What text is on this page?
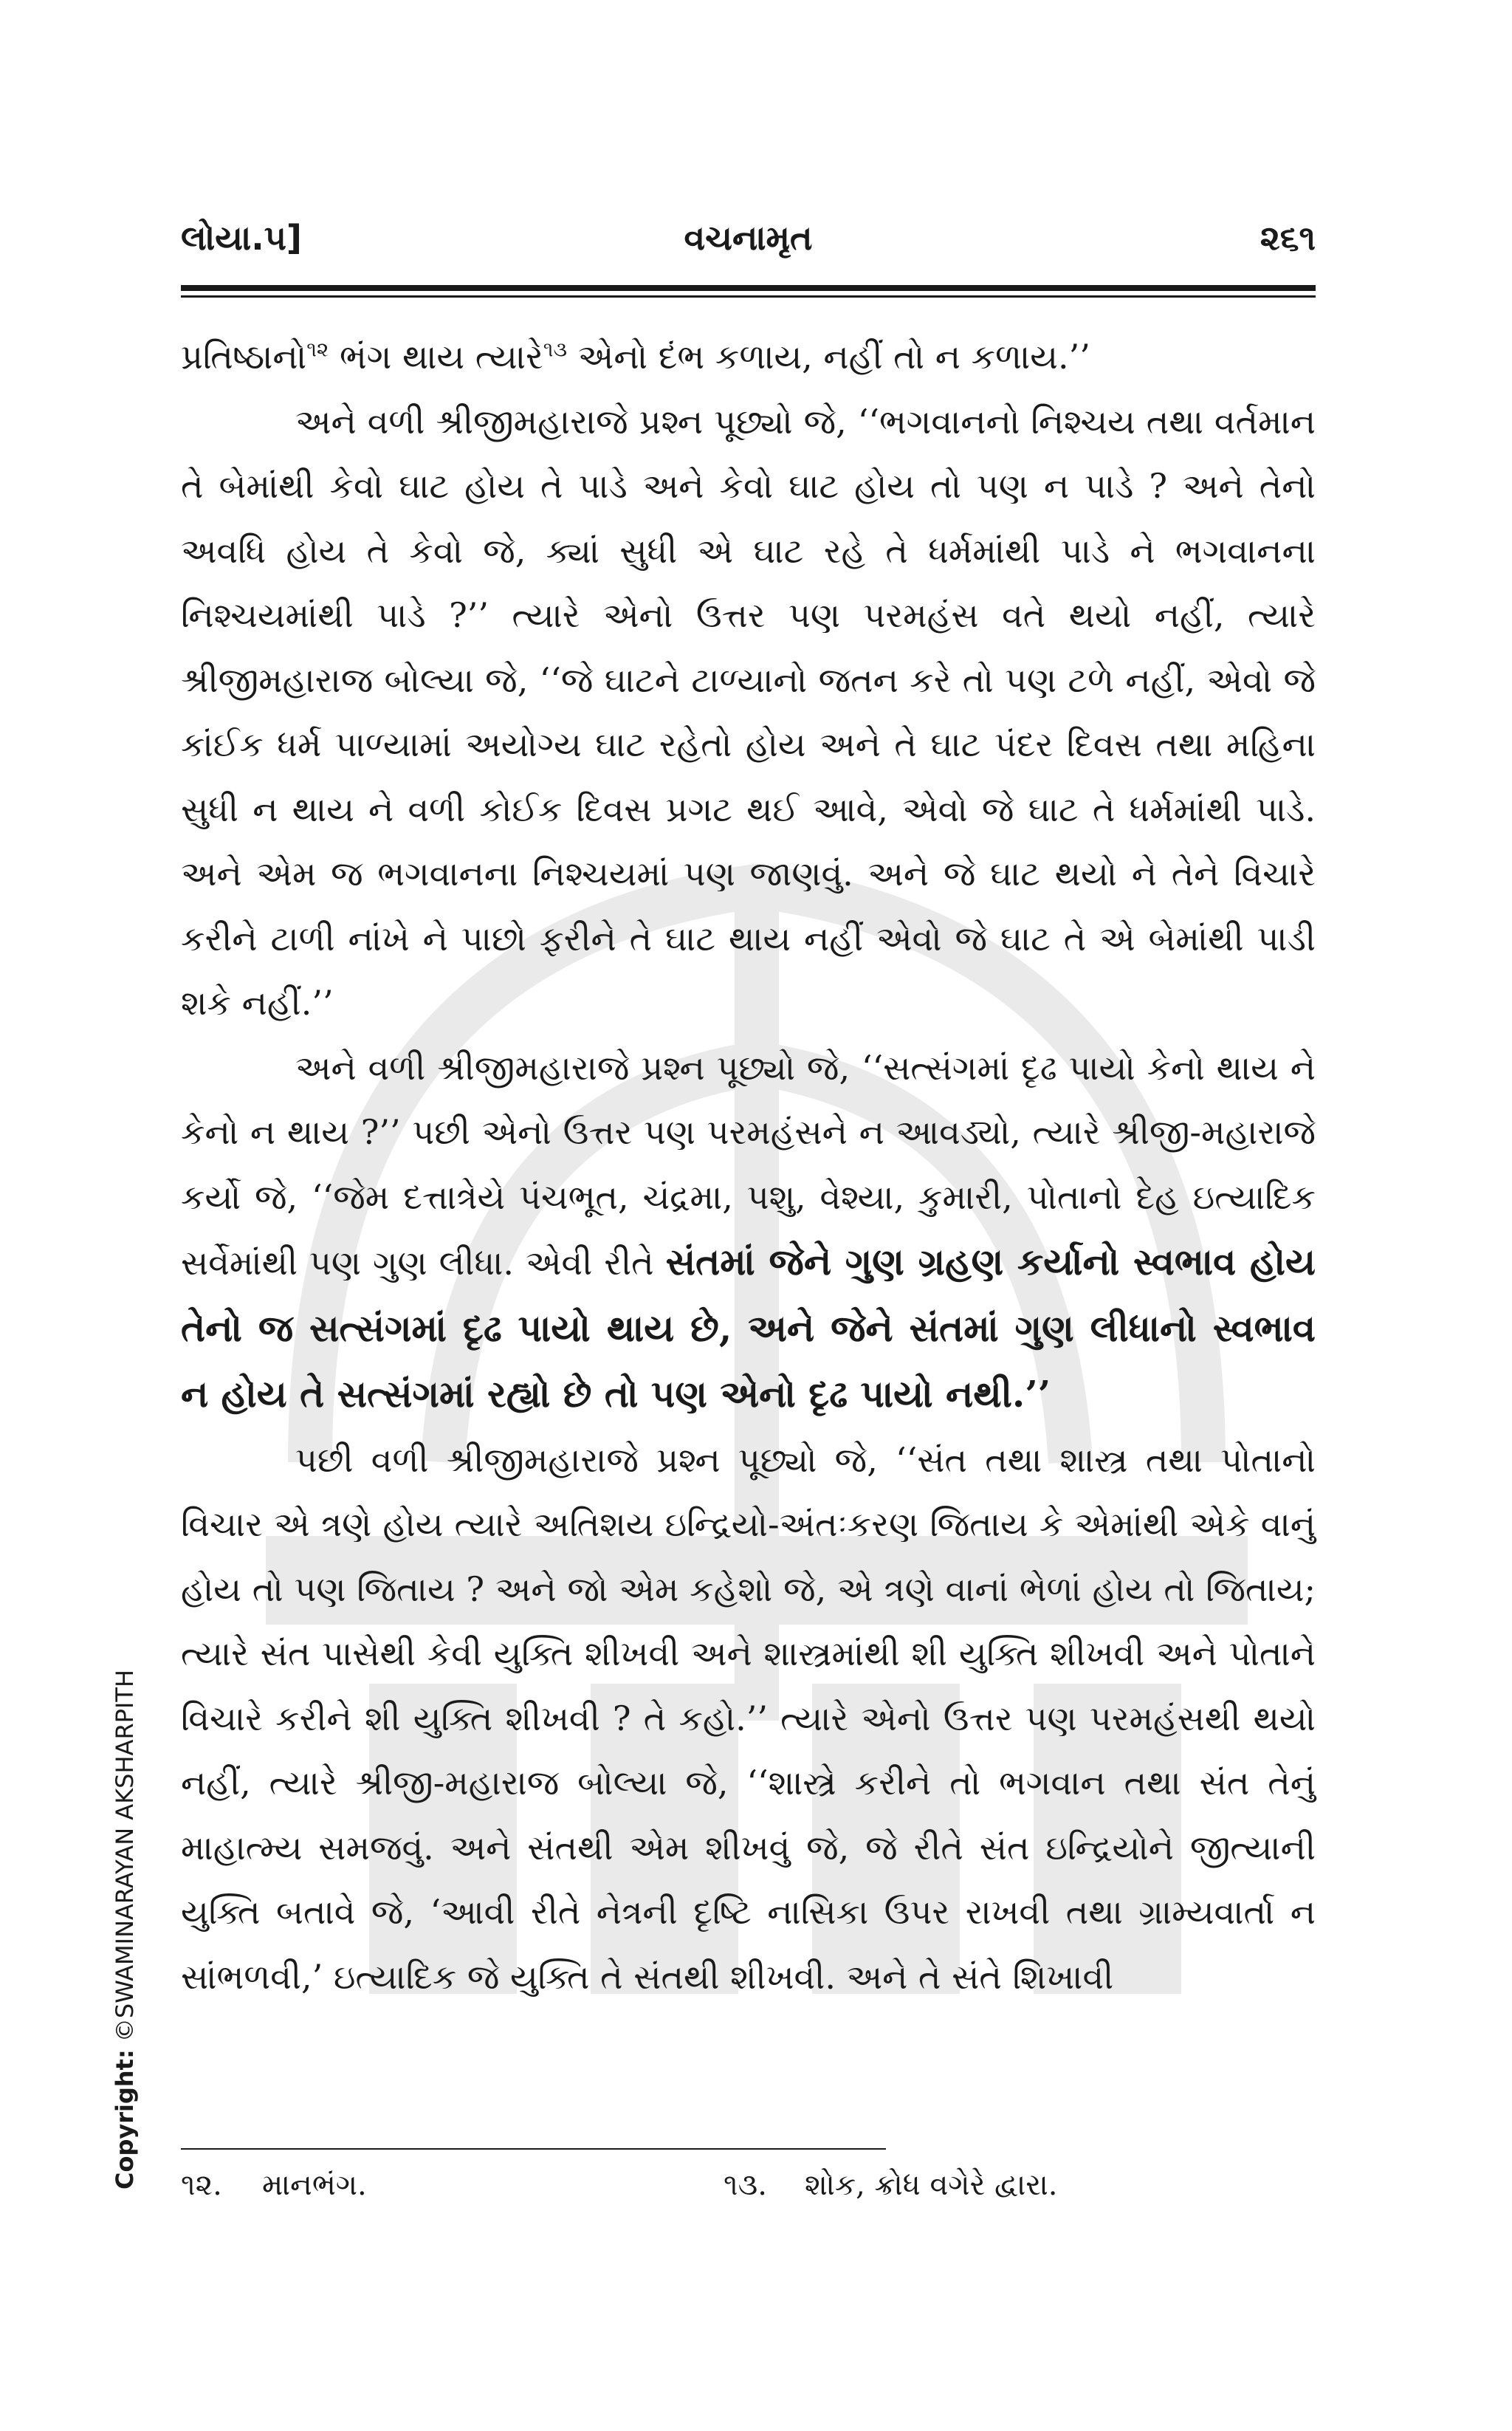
લોયા.૫]	વચનામૃત	૨૬૧

પ્રતિષ્ઠાનો$^{૧૨}$ ભંગ થાય ત્યારે$^{૧૩}$ એનો દંભ કળાય, નહીં તો ન કળાય.’’

અને વળી શ્રીજીમહારાજે પ્રશ્ન પૂછ્યો જે, ‘‘ભગવાનનો નિશ્ચય તથા વર્તમાન તે બેમાંથી કેવો ઘાટ હોય તે પાડે અને કેવો ઘાટ હોય તો પણ ન પાડે ? અને તેનો અવધિ હોય તે કેવો જે, ક્યાં સુધી એ ઘાટ રહે તે ધર્મમાંથી પાડે ને ભગવાનના નિશ્ચયમાંથી પાડે ?’’ ત્યારે એનો ઉત્તર પણ પરમહંસ વતે થયો નહીં, ત્યારે શ્રીજીમહારાજ બોલ્યા જે, ‘‘જે ઘાટને ટાળ્યાનો જતન કરે તો પણ ટળે નહીં, એવો જે કાંઈક ધર્મ પાળ્યામાં અયોગ્ય ઘાટ રહેતો હોય અને તે ઘાટ પંદર દિવસ તથા મહિના સુધી ન થાય ને વળી કોઈક દિવસ પ્રગટ થઈ આવે, એવો જે ઘાટ તે ધર્મમાંથી પાડે. અને એમ જ ભગવાનના નિશ્ચયમાં પણ જાણવું. અને જે ઘાટ થયો ને તેને વિચારે કરીને ટાળી નાંખે ને પાછો ફરીને તે ઘાટ થાય નહીં એવો જે ઘાટ તે એ બેમાંથી પાડી શકે નહીં.’’

અને વળી શ્રીજીમહારાજે પ્રશ્ન પૂછ્યો જે, ‘‘સત્સંગમાં દૃઢ પાયો કેનો થાય ને કેનો ન થાય ?’’ પછી એનો ઉત્તર પણ પરમહંસને ન આવડ્યો, ત્યારે શ્રીજી-મહારાજે કર્યો જે, ‘‘જેમ દત્તાત્રેયે પંચભૂત, ચંદ્રમા, પશુ, વેશ્યા, કુમારી, પોતાનો દેહ ઇત્યાદિક સર્વેમાંથી પણ ગુણ લીધા. એવી રીતે સંતમાં જેને ગુણ ગ્રહણ કર્યાનો સ્વભાવ હોય તેનો જ સત્સંગમાં દૃઢ પાયો થાય છે, અને જેને સંતમાં ગુણ લીધાનો સ્વભાવ ન હોય તે સત્સંગમાં રહ્યો છે તો પણ એનો દૃઢ પાયો નથી.’’

પછી વળી શ્રીજીમહારાજે પ્રશ્ન પૂછ્યો જે, ‘‘સંત તથા શાસ્ત્ર તથા પોતાનો વિચાર એ ત્રણે હોય ત્યારે અતિશય ઇન્દ્રિયો-અંતઃકરણ જિતાય કે એમાંથી એકે વાનું હોય તો પણ જિતાય ? અને જો એમ કહેશો જે, એ ત્રણે વાનાં ભેળાં હોય તો જિતાય; ત્યારે સંત પાસેથી કેવી યુક્તિ શીખવી અને શાસ્ત્રમાંથી શી યુક્તિ શીખવી અને પોતાને વિચારે કરીને શી યુક્તિ શીખવી ? તે કહો.’’ ત્યારે એનો ઉત્તર પણ પરમહંસથી થયો નહીં, ત્યારે શ્રીજી-મહારાજ બોલ્યા જે, ‘‘શાસ્ત્રે કરીને તો ભગવાન તથા સંત તેનું માહાત્મ્ય સમજવું. અને સંતથી એમ શીખવું જે, જે રીતે સંત ઇન્દ્રિયોને જીત્યાની યુક્તિ બતાવે જે, ‘આવી રીતે નેત્રની દૃષ્ટિ નાસિકા ઉપર રાખવી તથા ગ્રામ્યવાર્તા ન સાંભળવી,’ ઇત્યાદિક જે યુક્તિ તે સંતથી શીખવી. અને તે સંતે શિખાવી

૧૨. માનભંગ.	૧૩. શોક, ક્રોધ વગેરે દ્વારા.
Copyright: ©SWAMINARAYAN AKSHARPITH
